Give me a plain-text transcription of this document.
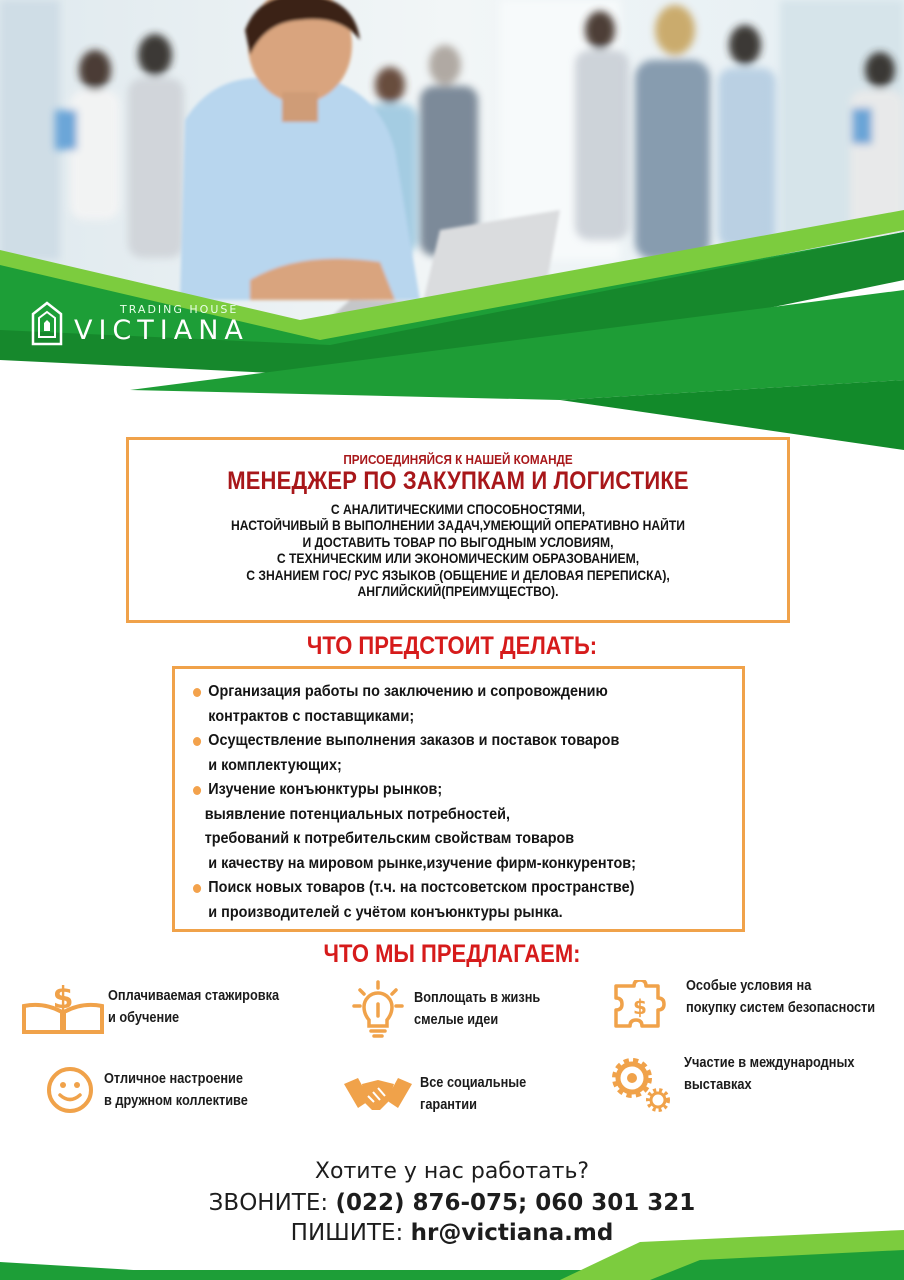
TRADING HOUSE
VICTIANA
ПРИСОЕДИНЯЙСЯ К НАШЕЙ КОМАНДЕ
МЕНЕДЖЕР ПО ЗАКУПКАМ И ЛОГИСТИКЕ
С АНАЛИТИЧЕСКИМИ СПОСОБНОСТЯМИ,
НАСТОЙЧИВЫЙ В ВЫПОЛНЕНИИ ЗАДАЧ,УМЕЮЩИЙ ОПЕРАТИВНО НАЙТИ
И ДОСТАВИТЬ ТОВАР ПО ВЫГОДНЫМ УСЛОВИЯМ,
С ТЕХНИЧЕСКИМ ИЛИ ЭКОНОМИЧЕСКИМ ОБРАЗОВАНИЕМ,
С ЗНАНИЕМ ГОС/ РУС ЯЗЫКОВ (ОБЩЕНИЕ И ДЕЛОВАЯ ПЕРЕПИСКА),
АНГЛИЙСКИЙ(ПРЕИМУЩЕСТВО).
ЧТО ПРЕДСТОИТ ДЕЛАТЬ:
Организация работы по заключению и сопровождению
контрактов с поставщиками;
Осуществление выполнения заказов и поставок товаров
и комплектующих;
Изучение конъюнктуры рынков;
выявление потенциальных потребностей,
требований к потребительским свойствам товаров
и качеству на мировом рынке,изучение фирм-конкурентов;
Поиск новых товаров (т.ч. на постсоветском пространстве)
и производителей с учётом конъюнктуры рынка.
ЧТО МЫ ПРЕДЛАГАЕМ:
$ Оплачиваемая стажировка
и обучение
Воплощать в жизнь
смелые идеи
$
Особые условия на
покупку систем безопасности
Отличное настроение
в дружном коллективе
Все социальные
гарантии
Участие в международных
выставках
Хотите у нас работать?
ЗВОНИТЕ: (022) 876-075; 060 301 321
ПИШИТЕ: hr@victiana.md
